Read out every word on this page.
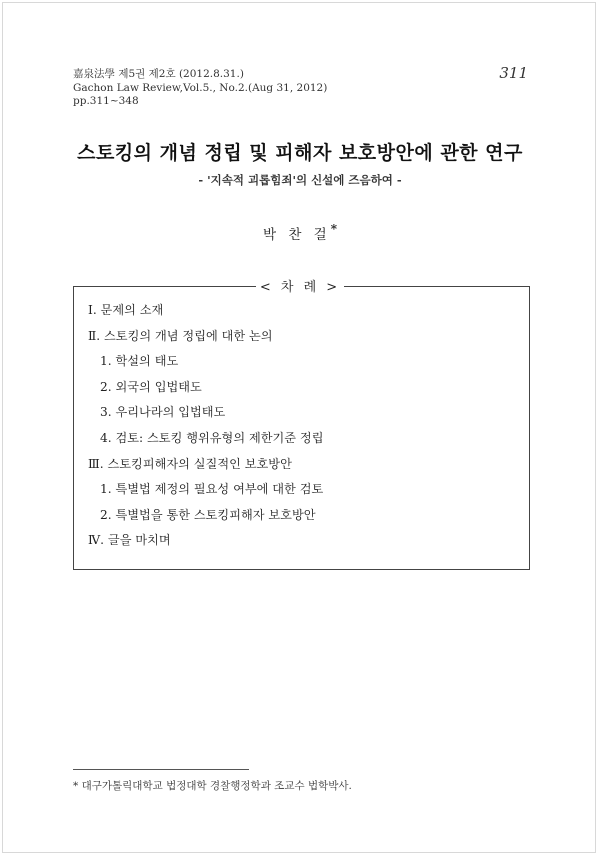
嘉泉法學 제5권 제2호 (2012.8.31.)
Gachon Law Review,Vol.5., No.2.(Aug 31, 2012)
pp.311~348
311
스토킹의 개념 정립 및 피해자 보호방안에 관한 연구
- '지속적 괴롭힘죄'의 신설에 즈음하여 -
박 찬 걸*
< 차 례 >
Ⅰ. 문제의 소재
Ⅱ. 스토킹의 개념 정립에 대한 논의
1. 학설의 태도
2. 외국의 입법태도
3. 우리나라의 입법태도
4. 검토: 스토킹 행위유형의 제한기준 정립
Ⅲ. 스토킹피해자의 실질적인 보호방안
1. 특별법 제정의 필요성 여부에 대한 검토
2. 특별법을 통한 스토킹피해자 보호방안
Ⅳ. 글을 마치며
* 대구가톨릭대학교 법정대학 경찰행정학과 조교수 법학박사.
